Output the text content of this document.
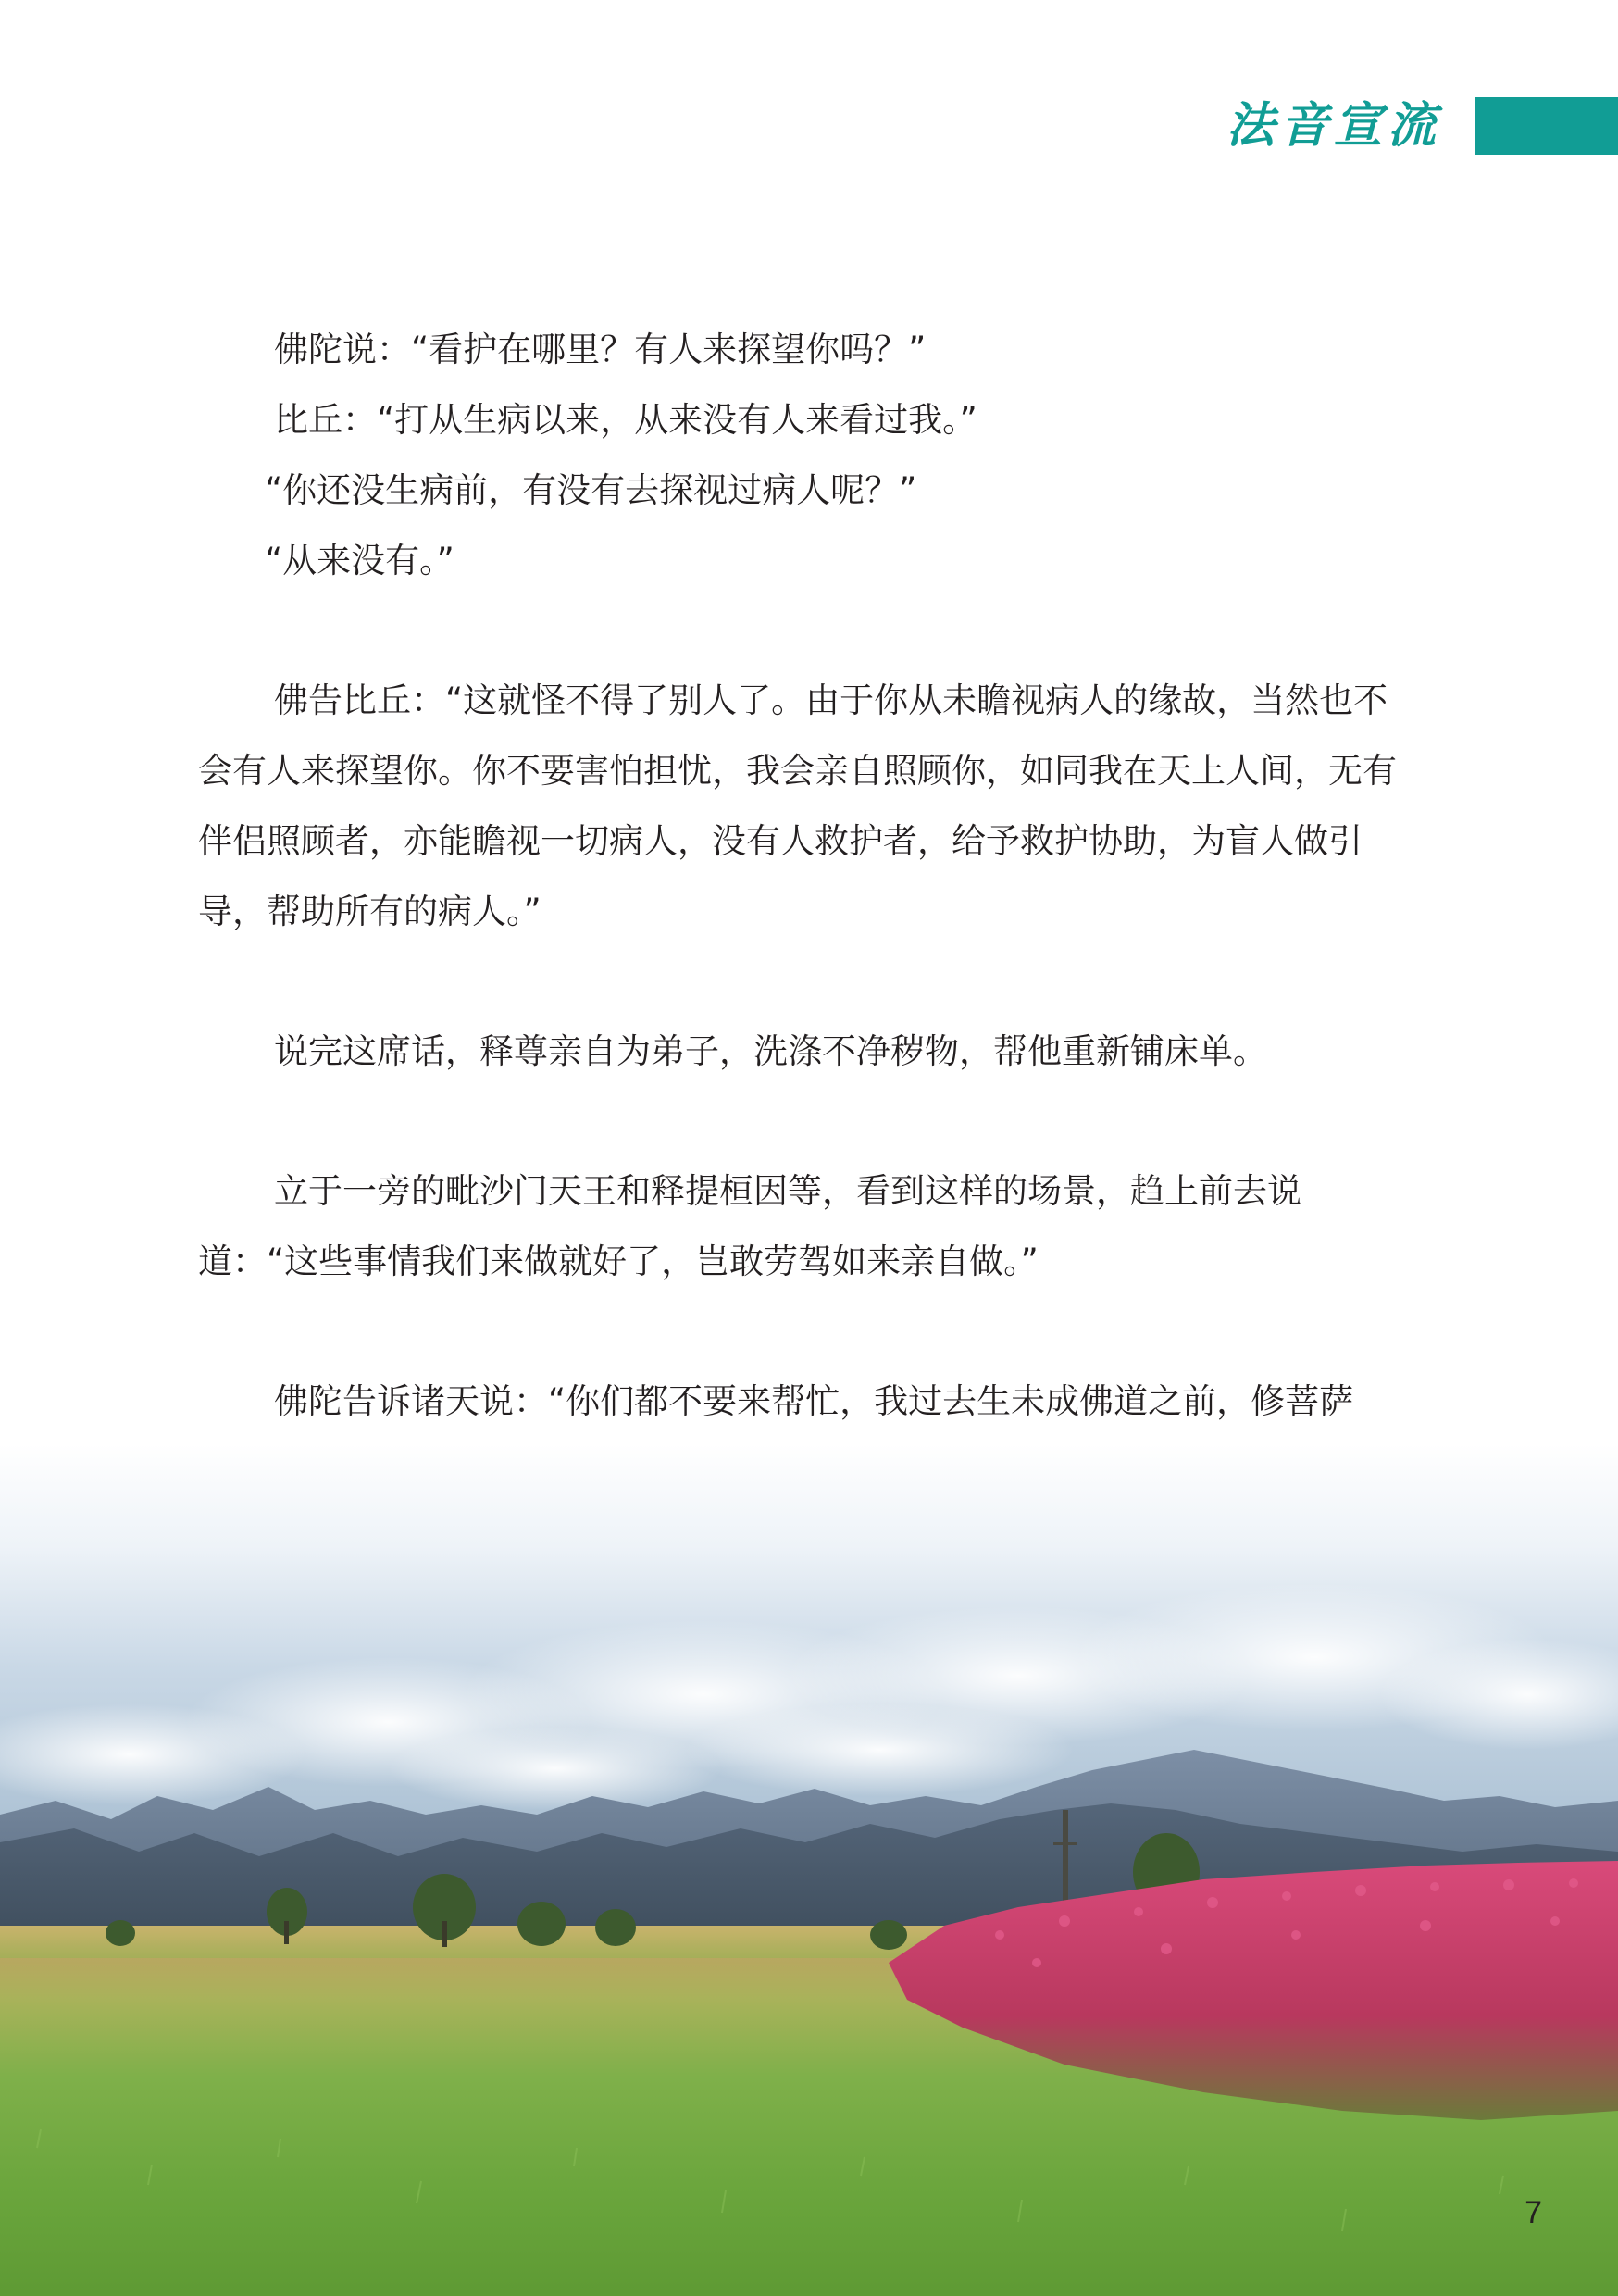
法音宣流

佛陀说：“看护在哪里？有人来探望你吗？”

比丘：“打从生病以来，从来没有人来看过我。”

“你还没生病前，有没有去探视过病人呢？”

“从来没有。”

佛告比丘：“这就怪不得了别人了。由于你从未瞻视病人的缘故，当然也不会有人来探望你。你不要害怕担忧，我会亲自照顾你，如同我在天上人间，无有伴侣照顾者，亦能瞻视一切病人，没有人救护者，给予救护协助，为盲人做引导，帮助所有的病人。”

说完这席话，释尊亲自为弟子，洗涤不净秽物，帮他重新铺床单。

立于一旁的毗沙门天王和释提桓因等，看到这样的场景，趋上前去说道：“这些事情我们来做就好了，岂敢劳驾如来亲自做。”

佛陀告诉诸天说：“你们都不要来帮忙，我过去生未成佛道之前，修菩萨

7
